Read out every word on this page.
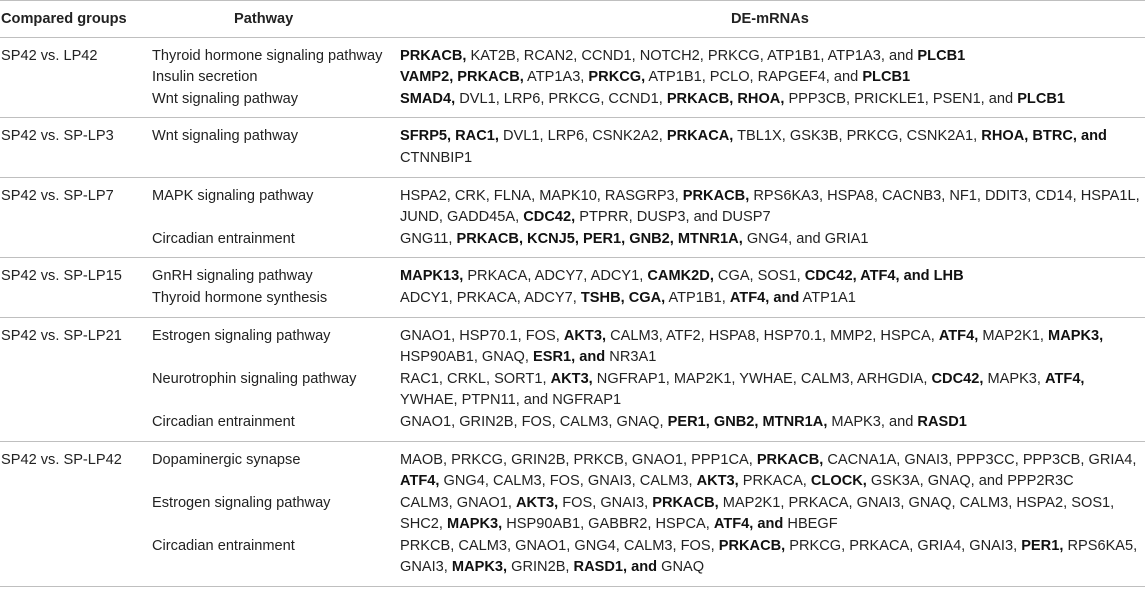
Compared groups	Pathway	DE-mRNAs
SP42 vs. LP42	Thyroid hormone signaling pathway	PRKACB, KAT2B, RCAN2, CCND1, NOTCH2, PRKCG, ATP1B1, ATP1A3, and PLCB1
	Insulin secretion	VAMP2, PRKACB, ATP1A3, PRKCG, ATP1B1, PCLO, RAPGEF4, and PLCB1
	Wnt signaling pathway	SMAD4, DVL1, LRP6, PRKCG, CCND1, PRKACB, RHOA, PPP3CB, PRICKLE1, PSEN1, and PLCB1
SP42 vs. SP-LP3	Wnt signaling pathway	SFRP5, RAC1, DVL1, LRP6, CSNK2A2, PRKACA, TBL1X, GSK3B, PRKCG, CSNK2A1, RHOA, BTRC, and CTNNBIP1
SP42 vs. SP-LP7	MAPK signaling pathway	HSPA2, CRK, FLNA, MAPK10, RASGRP3, PRKACB, RPS6KA3, HSPA8, CACNB3, NF1, DDIT3, CD14, HSPA1L, JUND, GADD45A, CDC42, PTPRR, DUSP3, and DUSP7
	Circadian entrainment	GNG11, PRKACB, KCNJ5, PER1, GNB2, MTNR1A, GNG4, and GRIA1
SP42 vs. SP-LP15	GnRH signaling pathway	MAPK13, PRKACA, ADCY7, ADCY1, CAMK2D, CGA, SOS1, CDC42, ATF4, and LHB
	Thyroid hormone synthesis	ADCY1, PRKACA, ADCY7, TSHB, CGA, ATP1B1, ATF4, and ATP1A1
SP42 vs. SP-LP21	Estrogen signaling pathway	GNAO1, HSP70.1, FOS, AKT3, CALM3, ATF2, HSPA8, HSP70.1, MMP2, HSPCA, ATF4, MAP2K1, MAPK3, HSP90AB1, GNAQ, ESR1, and NR3A1
	Neurotrophin signaling pathway	RAC1, CRKL, SORT1, AKT3, NGFRAP1, MAP2K1, YWHAE, CALM3, ARHGDIA, CDC42, MAPK3, ATF4, YWHAE, PTPN11, and NGFRAP1
	Circadian entrainment	GNAO1, GRIN2B, FOS, CALM3, GNAQ, PER1, GNB2, MTNR1A, MAPK3, and RASD1
SP42 vs. SP-LP42	Dopaminergic synapse	MAOB, PRKCG, GRIN2B, PRKCB, GNAO1, PPP1CA, PRKACB, CACNA1A, GNAI3, PPP3CC, PPP3CB, GRIA4, ATF4, GNG4, CALM3, FOS, GNAI3, CALM3, AKT3, PRKACA, CLOCK, GSK3A, GNAQ, and PPP2R3C
	Estrogen signaling pathway	CALM3, GNAO1, AKT3, FOS, GNAI3, PRKACB, MAP2K1, PRKACA, GNAI3, GNAQ, CALM3, HSPA2, SOS1, SHC2, MAPK3, HSP90AB1, GABBR2, HSPCA, ATF4, and HBEGF
	Circadian entrainment	PRKCB, CALM3, GNAO1, GNG4, CALM3, FOS, PRKACB, PRKCG, PRKACA, GRIA4, GNAI3, PER1, RPS6KA5, GNAI3, MAPK3, GRIN2B, RASD1, and GNAQ
